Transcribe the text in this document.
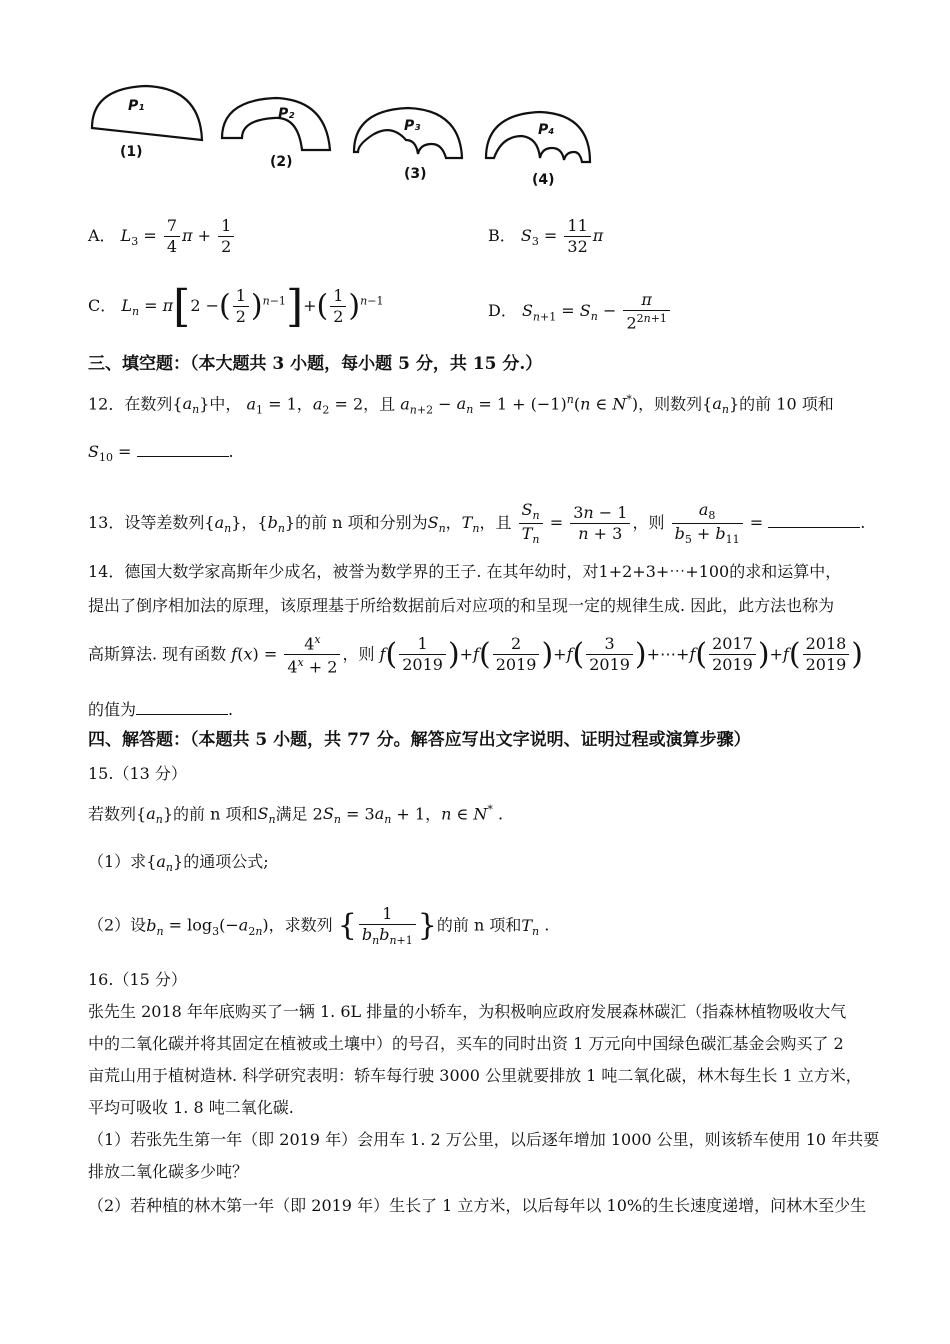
P₁
(1)
P₂
(2)
P₃
(3)
P₄
(4)
A． $L_3 = \frac{7}{4}$ $\pi + \frac{1}{2}$	B． $S_3 = \frac{11}{32}$ π
C． $L_n = \pi[2$ −( $\frac{1}{2} )^{n-1}]+( \frac{1}{2} )^{n-1}$	D． $S_{n+1} = S_n - \frac{\pi}{2^{2n+1}}$
三、填空题：（本大题共 3 小题，每小题 5 分，共 15 分.）
12．在数列$\{a_n\}$中， $a_1 = 1$，$a_2 = 2$，且 $a_{n+2} - a_n = 1 + (-1)^n(n$ ∈ N*)，则数列$\{a_n\}$的前 10 项和
$S_{10}$ =	.
13．设等差数列$\{a_n\}$，$\{b_n\}$的前 n 项和分别为$S_n$，$T_n$，且 $\frac{S_n}{T_n} = \frac{3n - 1}{n + 3}$ ，则 $\frac{a_8}{b_5 + b_{11}}$ =	.
14．德国大数学家高斯年少成名，被誉为数学界的王子. 在其年幼时，对1+2+3+⋯+100的求和运算中，
提出了倒序相加法的原理，该原理基于所给数据前后对应项的和呈现一定的规律生成. 因此，此方法也称为
高斯算法. 现有函数 $f(x) = \frac{4^x}{4^x + 2}$ ，则 $f( \frac{1}{2019} )+f( \frac{2}{2019} )+f( \frac{3}{2019}$ )+⋯+f( $\frac{2017}{2019} )+f( \frac{2018}{2019}$ )
的值为	.
四、解答题：（本题共 5 小题，共 77 分。解答应写出文字说明、证明过程或演算步骤）
15.（13 分）
若数列$\{a_n\}$的前 n 项和$S_n$满足 $2S_n = 3a_n + 1$，n ∈ N* .
（1）求$\{a_n\}$的通项公式;
（2）设$b_n = \log_3(-a_{2n})$，求数列 { $\frac{1}{b_nb_{n+1}}$ }的前 n 项和$T_n$ .
16.（15 分）
张先生 2018 年年底购买了一辆 1. 6L 排量的小轿车，为积极响应政府发展森林碳汇（指森林植物吸收大气
中的二氧化碳并将其固定在植被或土壤中）的号召，买车的同时出资 1 万元向中国绿色碳汇基金会购买了 2
亩荒山用于植树造林. 科学研究表明：轿车每行驶 3000 公里就要排放 1 吨二氧化碳，林木每生长 1 立方米，
平均可吸收 1. 8 吨二氧化碳.
（1）若张先生第一年（即 2019 年）会用车 1. 2 万公里，以后逐年增加 1000 公里，则该轿车使用 10 年共要
排放二氧化碳多少吨？
（2）若种植的林木第一年（即 2019 年）生长了 1 立方米，以后每年以 10%的生长速度递增，问林木至少生
